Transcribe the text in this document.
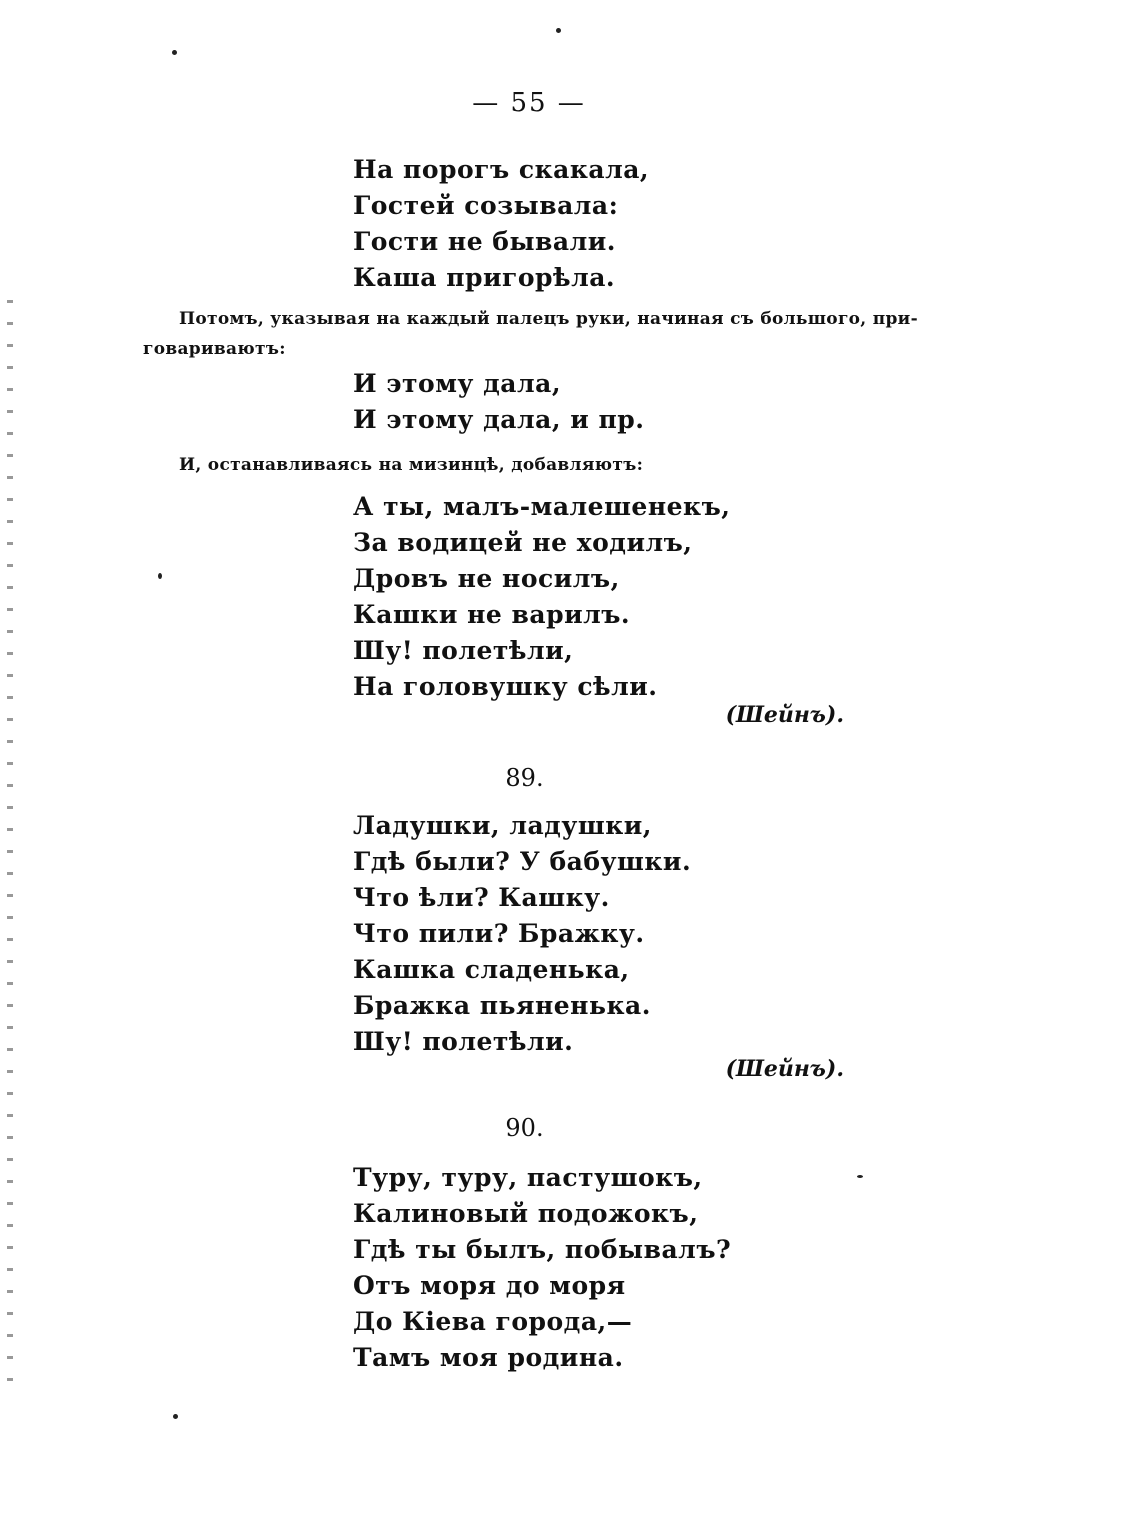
— 55 —
На порогъ скакала,
Гостей созывала:
Гости не бывали.
Каша пригорѣла.
Потомъ, указывая на каждый палецъ руки, начиная съ большого, при-
говариваютъ:
И этому дала,
И этому дала, и пр.
И, останавливаясь на мизинцѣ, добавляютъ:
А ты, малъ-малешенекъ,
За водицей не ходилъ,
Дровъ не носилъ,
Кашки не варилъ.
Шу! полетѣли,
На головушку сѣли.
(Шейнъ).
89.
Ладушки, ладушки,
Гдѣ были? У бабушки.
Что ѣли? Кашку.
Что пили? Бражку.
Кашка сладенька,
Бражка пьяненька.
Шу! полетѣли.
(Шейнъ).
90.
Туру, туру, пастушокъ,
Калиновый подожокъ,
Гдѣ ты былъ, побывалъ?
Отъ моря до моря
До Кіева города,—
Тамъ моя родина.
